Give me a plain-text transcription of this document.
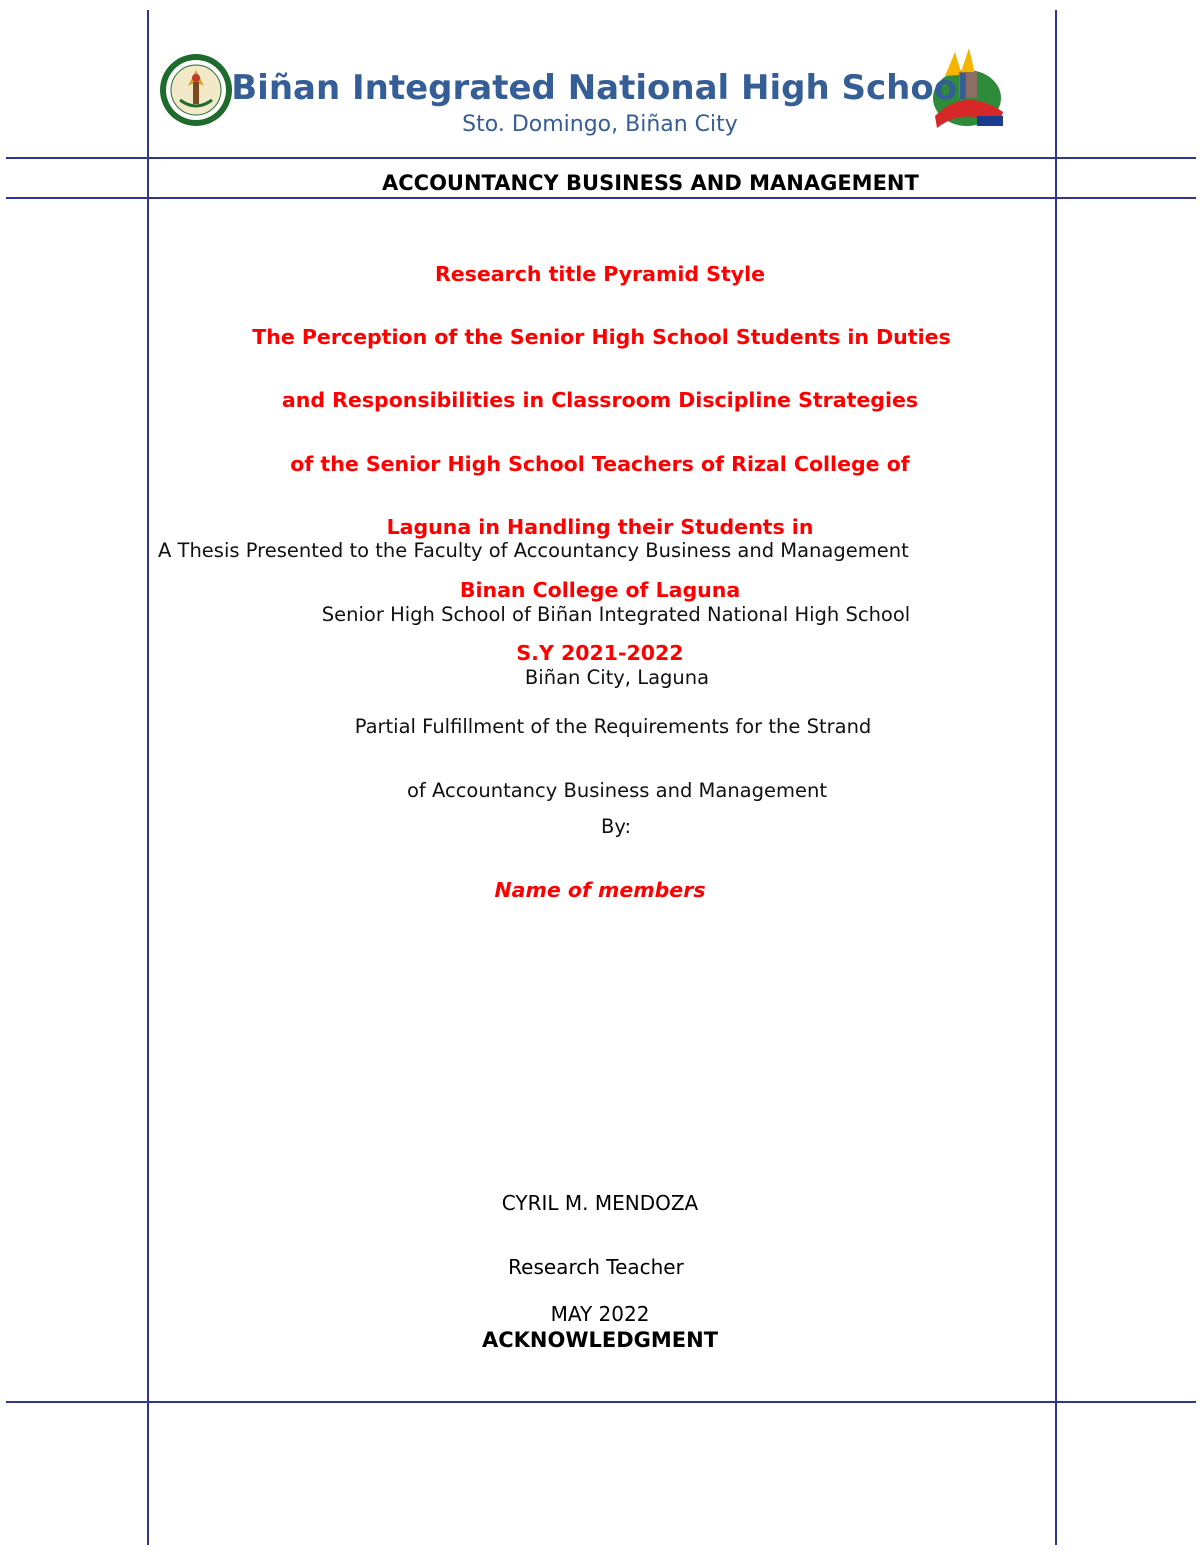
Biñan Integrated National High School
Sto. Domingo, Biñan City
ACCOUNTANCY BUSINESS AND MANAGEMENT

Research title Pyramid Style

The Perception of the Senior High School Students in Duties

and Responsibilities in Classroom Discipline Strategies

of the Senior High School Teachers of Rizal College of

Laguna in Handling their Students in

Binan College of Laguna

S.Y 2021-2022

A Thesis Presented to the Faculty of Accountancy Business and Management

Senior High School of Biñan Integrated National High School

Biñan City, Laguna

Partial Fulfillment of the Requirements for the Strand

of Accountancy Business and Management

By:

Name of members

CYRIL M. MENDOZA

Research Teacher

MAY 2022
ACKNOWLEDGMENT
